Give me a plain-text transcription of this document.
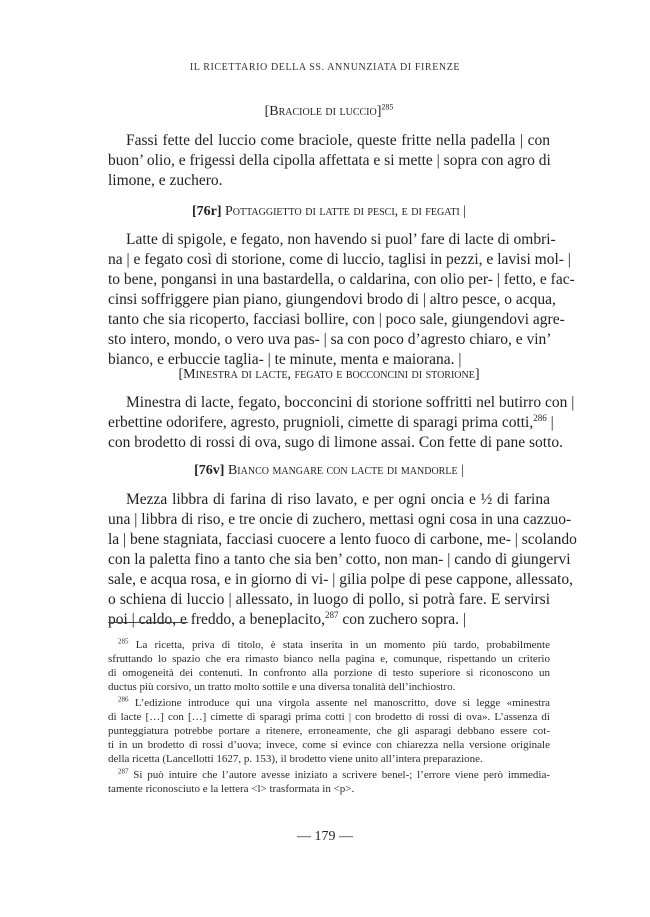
IL RICETTARIO DELLA SS. ANNUNZIATA DI FIRENZE
[Braciole di luccio]$^{285}$

Fassi fette del luccio come braciole, queste fritte nella padella | con
buon’ olio, e frigessi della cipolla affettata e si mette | sopra con agro di
limone, e zuchero.

[76r] Pottaggietto di latte di pesci, e di fegati |

Latte di spigole, e fegato, non havendo si puol’ fare di lacte di ombri-
na | e fegato così di storione, come di luccio, taglisi in pezzi, e lavisi mol- |
to bene, pongansi in una bastardella, o caldarina, con olio per- | fetto, e fac-
cinsi soffriggere pian piano, giungendovi brodo di | altro pesce, o acqua,
tanto che sia ricoperto, facciasi bollire, con | poco sale, giungendovi agre-
sto intero, mondo, o vero uva pas- | sa con poco d’agresto chiaro, e vin’
bianco, e erbuccie taglia- | te minute, menta e maiorana. |

[Minestra di lacte, fegato e bocconcini di storione]

Minestra di lacte, fegato, bocconcini di storione soffritti nel butirro con |
erbettine odorifere, agresto, prugnioli, cimette di sparagi prima cotti,$^{286}$ |
con brodetto di rossi di ova, sugo di limone assai. Con fette di pane sotto.

[76v] Bianco mangare con lacte di mandorle |

Mezza libbra di farina di riso lavato, e per ogni oncia e ½ di farina
una | libbra di riso, e tre oncie di zuchero, mettasi ogni cosa in una cazzuo-
la | bene stagniata, facciasi cuocere a lento fuoco di carbone, me- | scolando
con la paletta fino a tanto che sia ben’ cotto, non man- | cando di giungervi
sale, e acqua rosa, e in giorno di vi- | gilia polpe di pese cappone, allessato,
o schiena di luccio | allessato, in luogo di pollo, si potrà fare. E servirsi
poi | caldo, e freddo, a beneplacito,$^{287}$ con zuchero sopra. |

$^{285}$ La ricetta, priva di titolo, è stata inserita in un momento più tardo, probabilmente
sfruttando lo spazio che era rimasto bianco nella pagina e, comunque, rispettando un criterio
di omogeneità dei contenuti. In confronto alla porzione di testo superiore si riconoscono un
ductus più corsivo, un tratto molto sottile e una diversa tonalità dell’inchiostro.
$^{286}$ L’edizione introduce qui una virgola assente nel manoscritto, dove si legge «minestra
di lacte […] con […] cimette di sparagi prima cotti | con brodetto di rossi di ova». L’assenza di
punteggiatura potrebbe portare a ritenere, erroneamente, che gli asparagi debbano essere cot-
ti in un brodetto di rossi d’uova; invece, come si evince con chiarezza nella versione originale
della ricetta (Lancellotti 1627, p. 153), il brodetto viene unito all’intera preparazione.
$^{287}$ Si può intuire che l’autore avesse iniziato a scrivere benel-; l’errore viene però immedia-
tamente riconosciuto e la lettera <l> trasformata in <p>.
— 179 —
